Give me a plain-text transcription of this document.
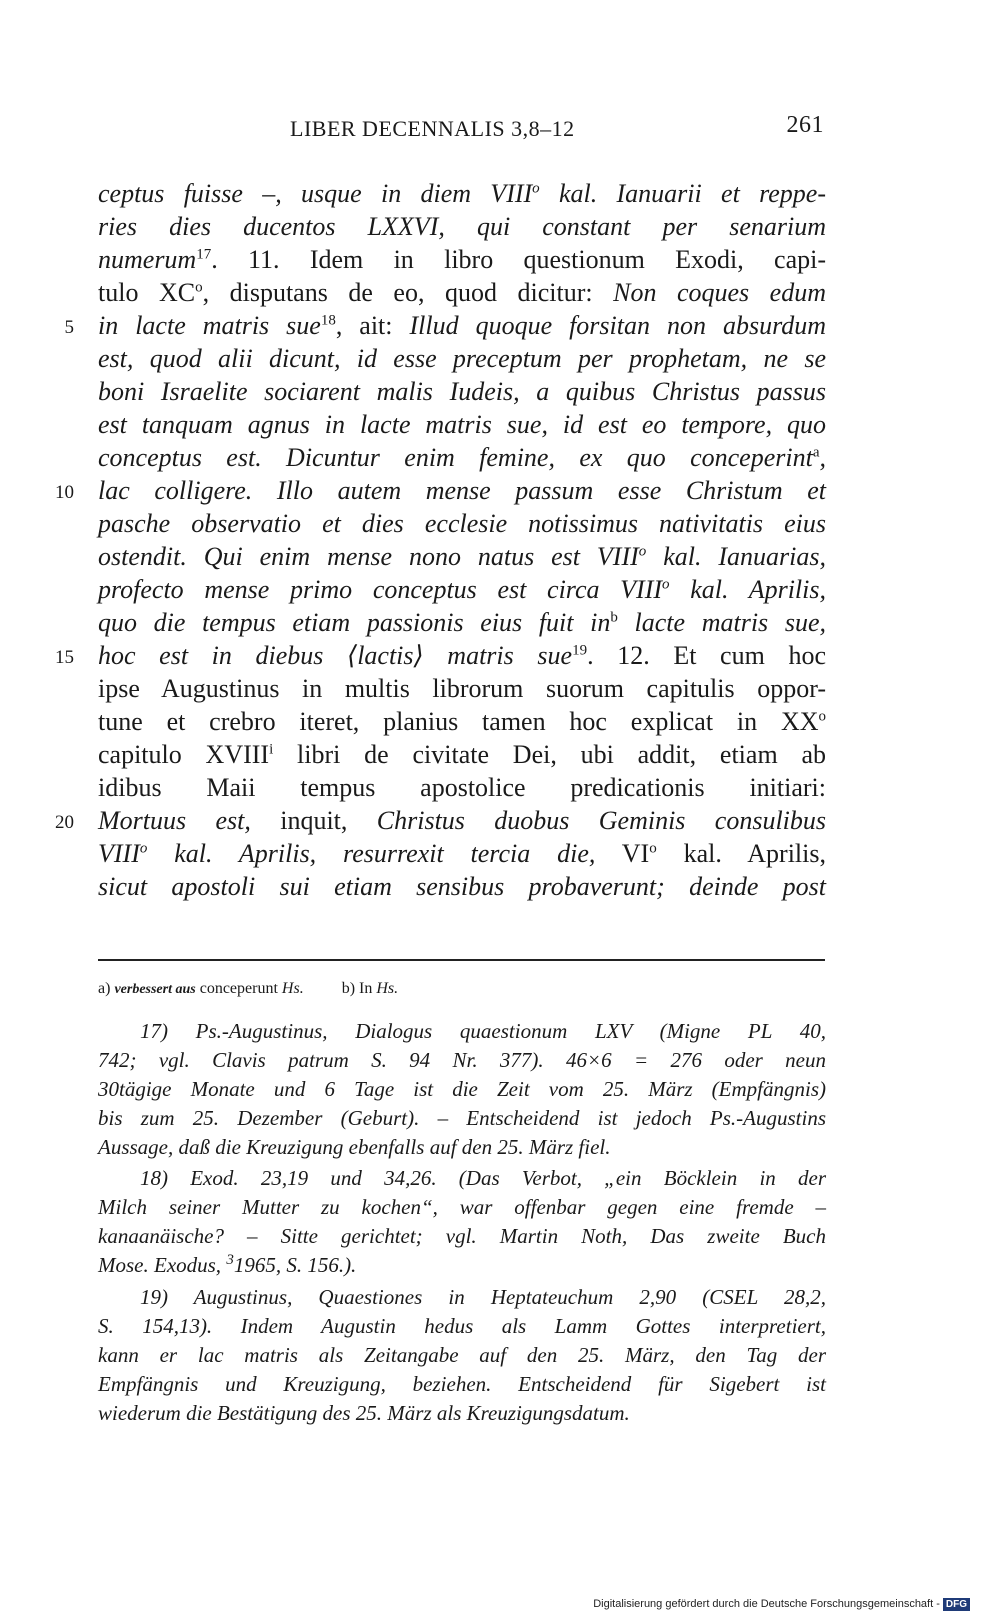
LIBER DECENNALIS 3,8–12	261
ceptus fuisse –, usque in diem VIII$^o$ kal. Ianuarii et reppe-
ries dies ducentos LXXVI, qui constant per senarium
numerum$^{17}$. 11. Idem in libro questionum Exodi, capi-
tulo $XC^o$, disputans de eo, quod dicitur: Non coques edum
5 in lacte matris sue$^{18}$, ait: Illud quoque forsitan non absurdum
est, quod alii dicunt, id esse preceptum per prophetam, ne se
boni Israelite sociarent malis Iudeis, a quibus Christus passus
est tanquam agnus in lacte matris sue, id est eo tempore, quo
conceptus est. Dicuntur enim femine, ex quo conceperint$^a$,
10 lac colligere. Illo autem mense passum esse Christum et
pasche observatio et dies ecclesie notissimus nativitatis eius
ostendit. Qui enim mense nono natus est VIII$^o$ kal. Ianuarias,
profecto mense primo conceptus est circa VIII$^o$ kal. Aprilis,
quo die tempus etiam passionis eius fuit $in^b$ lacte matris sue,
15 hoc est in diebus ⟨lactis⟩ matris sue$^{19}$. 12. Et cum hoc
ipse Augustinus in multis librorum suorum capitulis oppor-
tune et crebro iteret, planius tamen hoc explicat in $XX^o$
capitulo XVIII$^i$ libri de civitate Dei, ubi addit, etiam ab
idibus Maii tempus apostolice predicationis initiari:
20 Mortuus est, inquit, Christus duobus Geminis consulibus
VIII$^o$ kal. Aprilis, resurrexit tercia die, $VI^o$ kal. Aprilis,
sicut apostoli sui etiam sensibus probaverunt; deinde post
a) verbessert aus conceperunt Hs. b) In Hs.
17) Ps.-Augustinus, Dialogus quaestionum LXV (Migne PL 40,
742; vgl. Clavis patrum S. 94 Nr. 377). 46×6 = 276 oder neun
30tägige Monate und 6 Tage ist die Zeit vom 25. März (Empfängnis)
bis zum 25. Dezember (Geburt). – Entscheidend ist jedoch Ps.-Augustins
Aussage, daß die Kreuzigung ebenfalls auf den 25. März fiel.
18) Exod. 23,19 und 34,26. (Das Verbot, „ein Böcklein in der
Milch seiner Mutter zu kochen“, war offenbar gegen eine fremde –
kanaanäische? – Sitte gerichtet; vgl. Martin Noth, Das zweite Buch
Mose. Exodus, $^3$1965, S. 156.).
19) Augustinus, Quaestiones in Heptateuchum 2,90 (CSEL 28,2,
S. 154,13). Indem Augustin hedus als Lamm Gottes interpretiert,
kann er lac matris als Zeitangabe auf den 25. März, den Tag der
Empfängnis und Kreuzigung, beziehen. Entscheidend für Sigebert ist
wiederum die Bestätigung des 25. März als Kreuzigungsdatum.
Digitalisierung gefördert durch die Deutsche Forschungsgemeinschaft - DFG
